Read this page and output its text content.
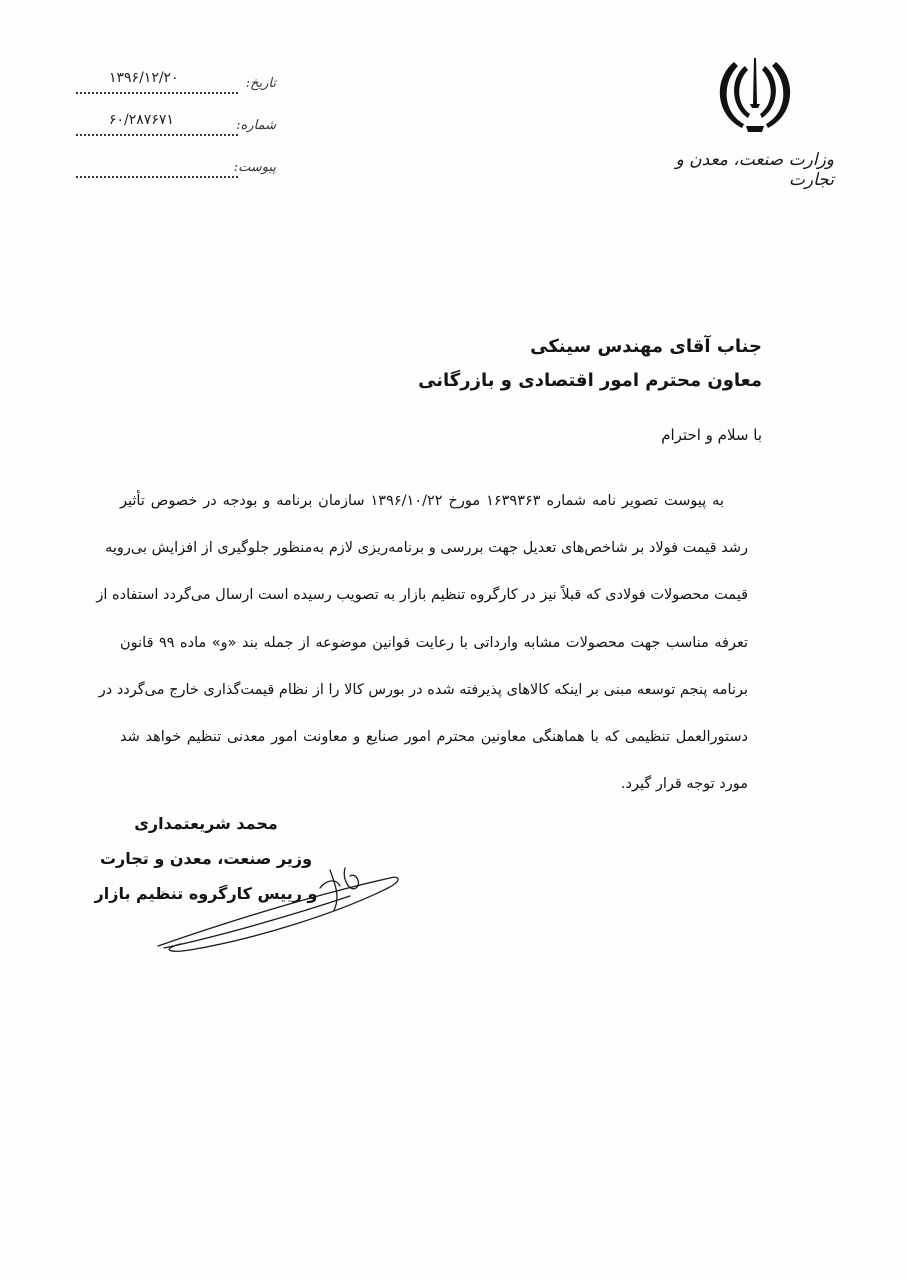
وزارت صنعت، معدن و تجارت
تاریخ:
۱۳۹۶/۱۲/۲۰
شماره:
۶۰/۲۸۷۶۷۱
پیوست:
جناب آقای مهندس سینکی
معاون محترم امور اقتصادی و بازرگانی
با سلام و احترام
به پیوست تصویر نامه شماره ۱۶۳۹۳۶۳ مورخ ۱۳۹۶/۱۰/۲۲ سازمان برنامه و بودجه در خصوص تأثیر
رشد قیمت فولاد بر شاخص‌های تعدیل جهت بررسی و برنامه‌ریزی لازم به‌منظور جلوگیری از افزایش بی‌رویه
قیمت محصولات فولادی که قبلاً نیز در کارگروه تنظیم بازار به تصویب رسیده است ارسال می‌گردد استفاده از
تعرفه مناسب جهت محصولات مشابه وارداتی با رعایت قوانین موضوعه از جمله بند «و» ماده ۹۹ قانون
برنامه پنجم توسعه مبنی بر اینکه کالاهای پذیرفته شده در بورس کالا را از نظام قیمت‌گذاری خارج می‌گردد در
دستورالعمل تنظیمی که با هماهنگی معاونین محترم امور صنایع و معاونت امور معدنی تنظیم خواهد شد
مورد توجه قرار گیرد.
محمد شریعتمداری
وزیر صنعت، معدن و تجارت
و رییس کارگروه تنظیم بازار
